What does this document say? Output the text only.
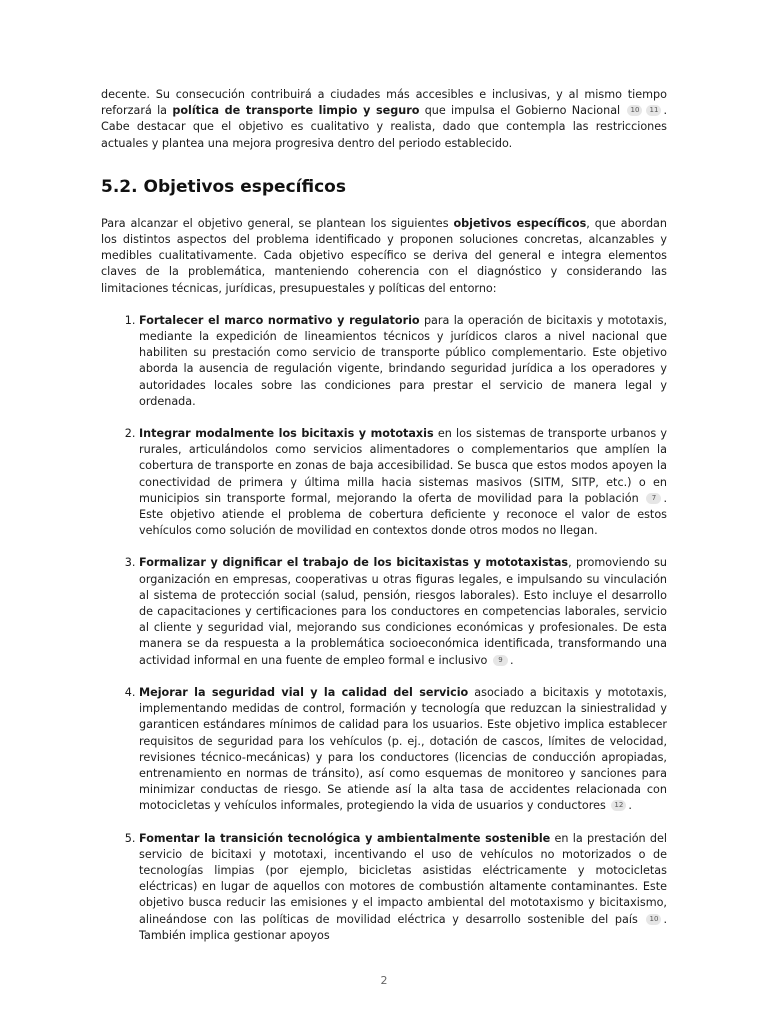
decente. Su consecución contribuirá a ciudades más accesibles e inclusivas, y al mismo tiempo reforzará la política de transporte limpio y seguro que impulsa el Gobierno Nacional 10 11 . Cabe destacar que el objetivo es cualitativo y realista, dado que contempla las restricciones actuales y plantea una mejora progresiva dentro del periodo establecido.

5.2. Objetivos específicos

Para alcanzar el objetivo general, se plantean los siguientes objetivos específicos, que abordan los distintos aspectos del problema identificado y proponen soluciones concretas, alcanzables y medibles cualitativamente. Cada objetivo específico se deriva del general e integra elementos claves de la problemática, manteniendo coherencia con el diagnóstico y considerando las limitaciones técnicas, jurídicas, presupuestales y políticas del entorno:

1. Fortalecer el marco normativo y regulatorio para la operación de bicitaxis y mototaxis, mediante la expedición de lineamientos técnicos y jurídicos claros a nivel nacional que habiliten su prestación como servicio de transporte público complementario. Este objetivo aborda la ausencia de regulación vigente, brindando seguridad jurídica a los operadores y autoridades locales sobre las condiciones para prestar el servicio de manera legal y ordenada.
2. Integrar modalmente los bicitaxis y mototaxis en los sistemas de transporte urbanos y rurales, articulándolos como servicios alimentadores o complementarios que amplíen la cobertura de transporte en zonas de baja accesibilidad. Se busca que estos modos apoyen la conectividad de primera y última milla hacia sistemas masivos (SITM, SITP, etc.) o en municipios sin transporte formal, mejorando la oferta de movilidad para la población 7 . Este objetivo atiende el problema de cobertura deficiente y reconoce el valor de estos vehículos como solución de movilidad en contextos donde otros modos no llegan.
3. Formalizar y dignificar el trabajo de los bicitaxistas y mototaxistas, promoviendo su organización en empresas, cooperativas u otras figuras legales, e impulsando su vinculación al sistema de protección social (salud, pensión, riesgos laborales). Esto incluye el desarrollo de capacitaciones y certificaciones para los conductores en competencias laborales, servicio al cliente y seguridad vial, mejorando sus condiciones económicas y profesionales. De esta manera se da respuesta a la problemática socioeconómica identificada, transformando una actividad informal en una fuente de empleo formal e inclusivo 9 .
4. Mejorar la seguridad vial y la calidad del servicio asociado a bicitaxis y mototaxis, implementando medidas de control, formación y tecnología que reduzcan la siniestralidad y garanticen estándares mínimos de calidad para los usuarios. Este objetivo implica establecer requisitos de seguridad para los vehículos (p. ej., dotación de cascos, límites de velocidad, revisiones técnico-mecánicas) y para los conductores (licencias de conducción apropiadas, entrenamiento en normas de tránsito), así como esquemas de monitoreo y sanciones para minimizar conductas de riesgo. Se atiende así la alta tasa de accidentes relacionada con motocicletas y vehículos informales, protegiendo la vida de usuarios y conductores 12 .
5. Fomentar la transición tecnológica y ambientalmente sostenible en la prestación del servicio de bicitaxi y mototaxi, incentivando el uso de vehículos no motorizados o de tecnologías limpias (por ejemplo, bicicletas asistidas eléctricamente y motocicletas eléctricas) en lugar de aquellos con motores de combustión altamente contaminantes. Este objetivo busca reducir las emisiones y el impacto ambiental del mototaxismo y bicitaxismo, alineándose con las políticas de movilidad eléctrica y desarrollo sostenible del país 10 . También implica gestionar apoyos
2
